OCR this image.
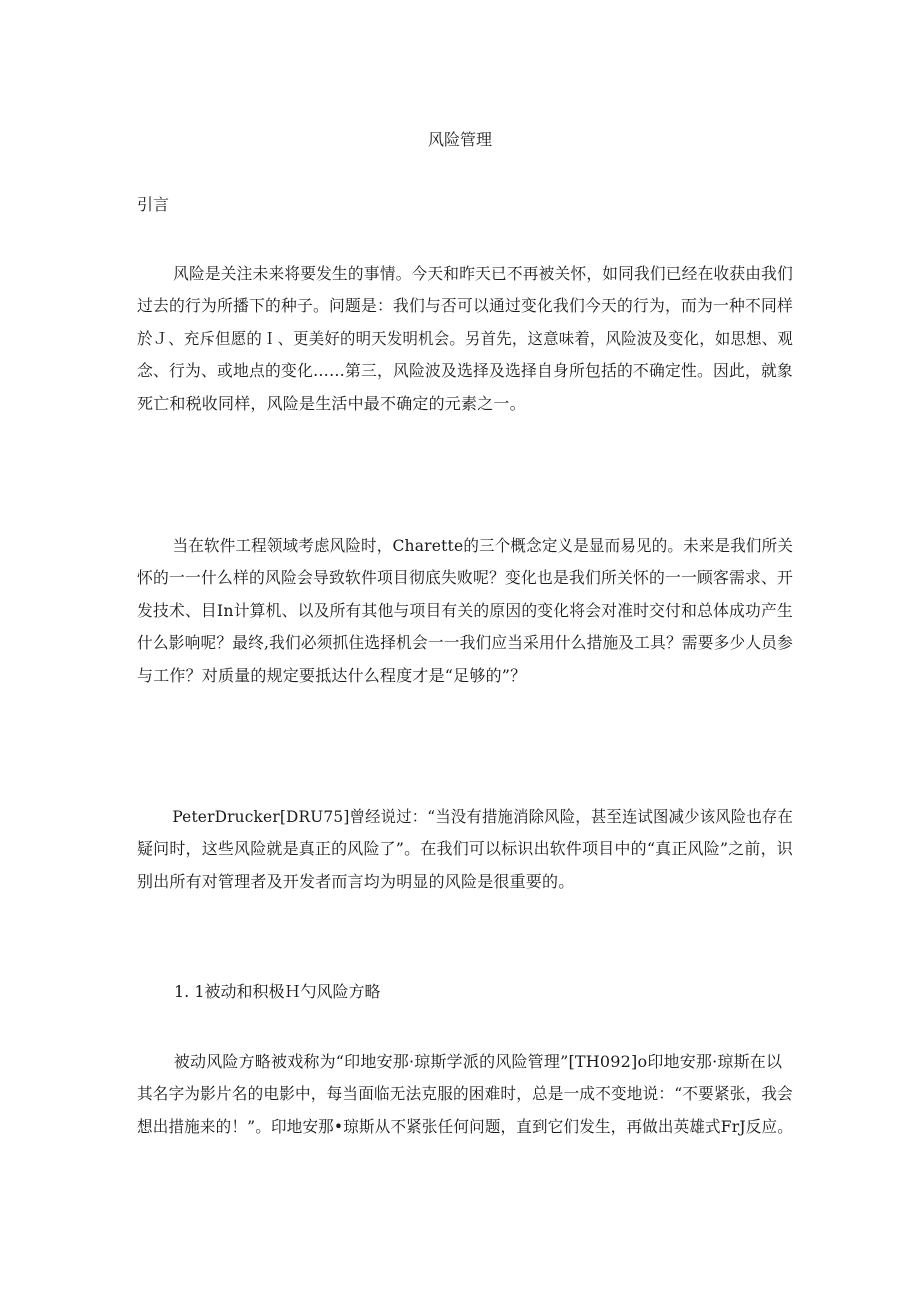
风险管理
引言

风险是关注未来将要发生的事情。今天和昨天已不再被关怀，如同我们已经在收获由我们
过去的行为所播下的种子。问题是：我们与否可以通过变化我们今天的行为，而为一种不同样
於Ｊ、充斥但愿的Ｉ、更美好的明天发明机会。另首先，这意味着，风险波及变化，如思想、观
念、行为、或地点的变化……第三，风险波及选择及选择自身所包括的不确定性。因此，就象
死亡和税收同样，风险是生活中最不确定的元素之一。

当在软件工程领域考虑风险时，Charette的三个概念定义是显而易见的。未来是我们所关
怀的一一什么样的风险会导致软件项目彻底失败呢？变化也是我们所关怀的一一顾客需求、开
发技术、目In计算机、以及所有其他与项目有关的原因的变化将会对准时交付和总体成功产生
什么影响呢？最终,我们必须抓住选择机会一一我们应当采用什么措施及工具？需要多少人员参
与工作？对质量的规定要抵达什么程度才是“足够的”？

PeterDrucker[DRU75]曾经说过：“当没有措施消除风险，甚至连试图减少该风险也存在
疑问时，这些风险就是真正的风险了”。在我们可以标识出软件项目中的“真正风险”之前，识
别出所有对管理者及开发者而言均为明显的风险是很重要的。

1. 1被动和积极Ｈ勺风险方略

被动风险方略被戏称为“印地安那·琼斯学派的风险管理”[TH092]o印地安那·琼斯在以
其名字为影片名的电影中，每当面临无法克服的困难时，总是一成不变地说：“不要紧张，我会
想出措施来的！”。印地安那•琼斯从不紧张任何问题，直到它们发生，再做出英雄式FrJ反应。
